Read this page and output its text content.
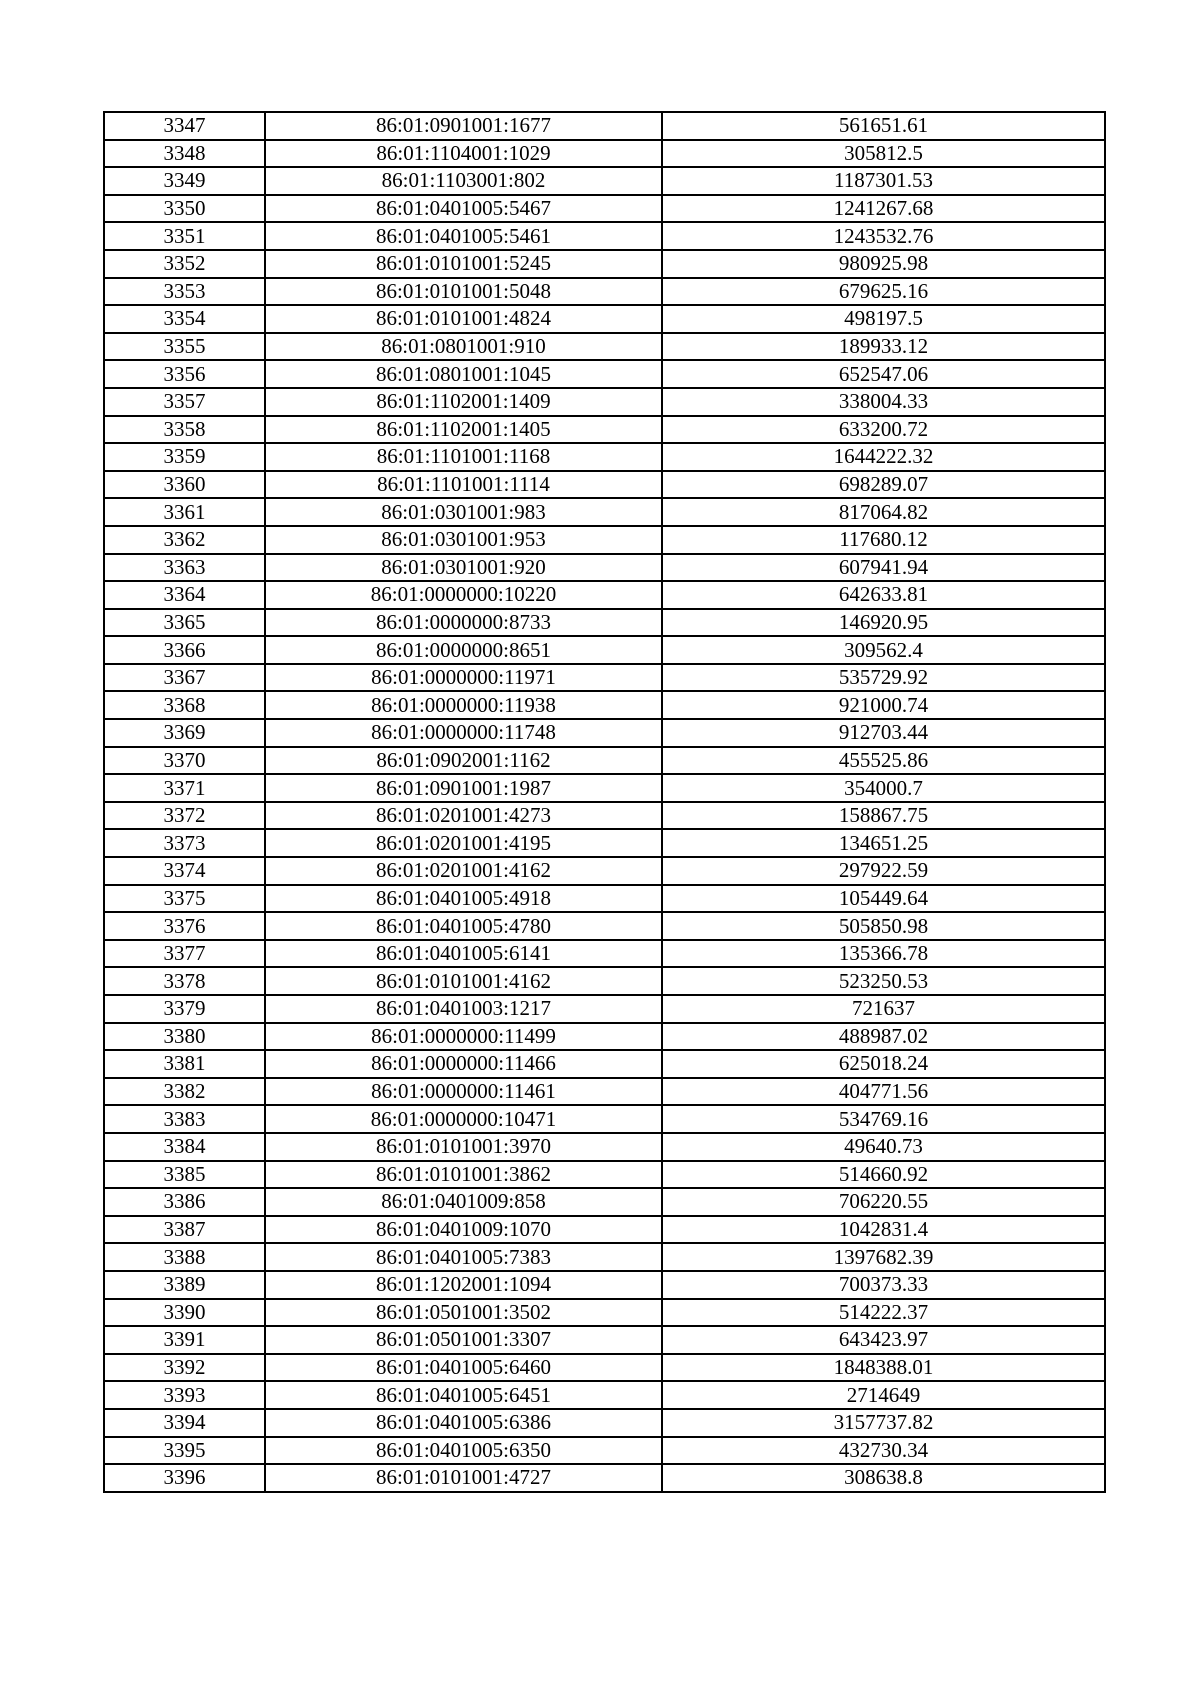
3347	86:01:0901001:1677	561651.61
3348	86:01:1104001:1029	305812.5
3349	86:01:1103001:802	1187301.53
3350	86:01:0401005:5467	1241267.68
3351	86:01:0401005:5461	1243532.76
3352	86:01:0101001:5245	980925.98
3353	86:01:0101001:5048	679625.16
3354	86:01:0101001:4824	498197.5
3355	86:01:0801001:910	189933.12
3356	86:01:0801001:1045	652547.06
3357	86:01:1102001:1409	338004.33
3358	86:01:1102001:1405	633200.72
3359	86:01:1101001:1168	1644222.32
3360	86:01:1101001:1114	698289.07
3361	86:01:0301001:983	817064.82
3362	86:01:0301001:953	117680.12
3363	86:01:0301001:920	607941.94
3364	86:01:0000000:10220	642633.81
3365	86:01:0000000:8733	146920.95
3366	86:01:0000000:8651	309562.4
3367	86:01:0000000:11971	535729.92
3368	86:01:0000000:11938	921000.74
3369	86:01:0000000:11748	912703.44
3370	86:01:0902001:1162	455525.86
3371	86:01:0901001:1987	354000.7
3372	86:01:0201001:4273	158867.75
3373	86:01:0201001:4195	134651.25
3374	86:01:0201001:4162	297922.59
3375	86:01:0401005:4918	105449.64
3376	86:01:0401005:4780	505850.98
3377	86:01:0401005:6141	135366.78
3378	86:01:0101001:4162	523250.53
3379	86:01:0401003:1217	721637
3380	86:01:0000000:11499	488987.02
3381	86:01:0000000:11466	625018.24
3382	86:01:0000000:11461	404771.56
3383	86:01:0000000:10471	534769.16
3384	86:01:0101001:3970	49640.73
3385	86:01:0101001:3862	514660.92
3386	86:01:0401009:858	706220.55
3387	86:01:0401009:1070	1042831.4
3388	86:01:0401005:7383	1397682.39
3389	86:01:1202001:1094	700373.33
3390	86:01:0501001:3502	514222.37
3391	86:01:0501001:3307	643423.97
3392	86:01:0401005:6460	1848388.01
3393	86:01:0401005:6451	2714649
3394	86:01:0401005:6386	3157737.82
3395	86:01:0401005:6350	432730.34
3396	86:01:0101001:4727	308638.8
